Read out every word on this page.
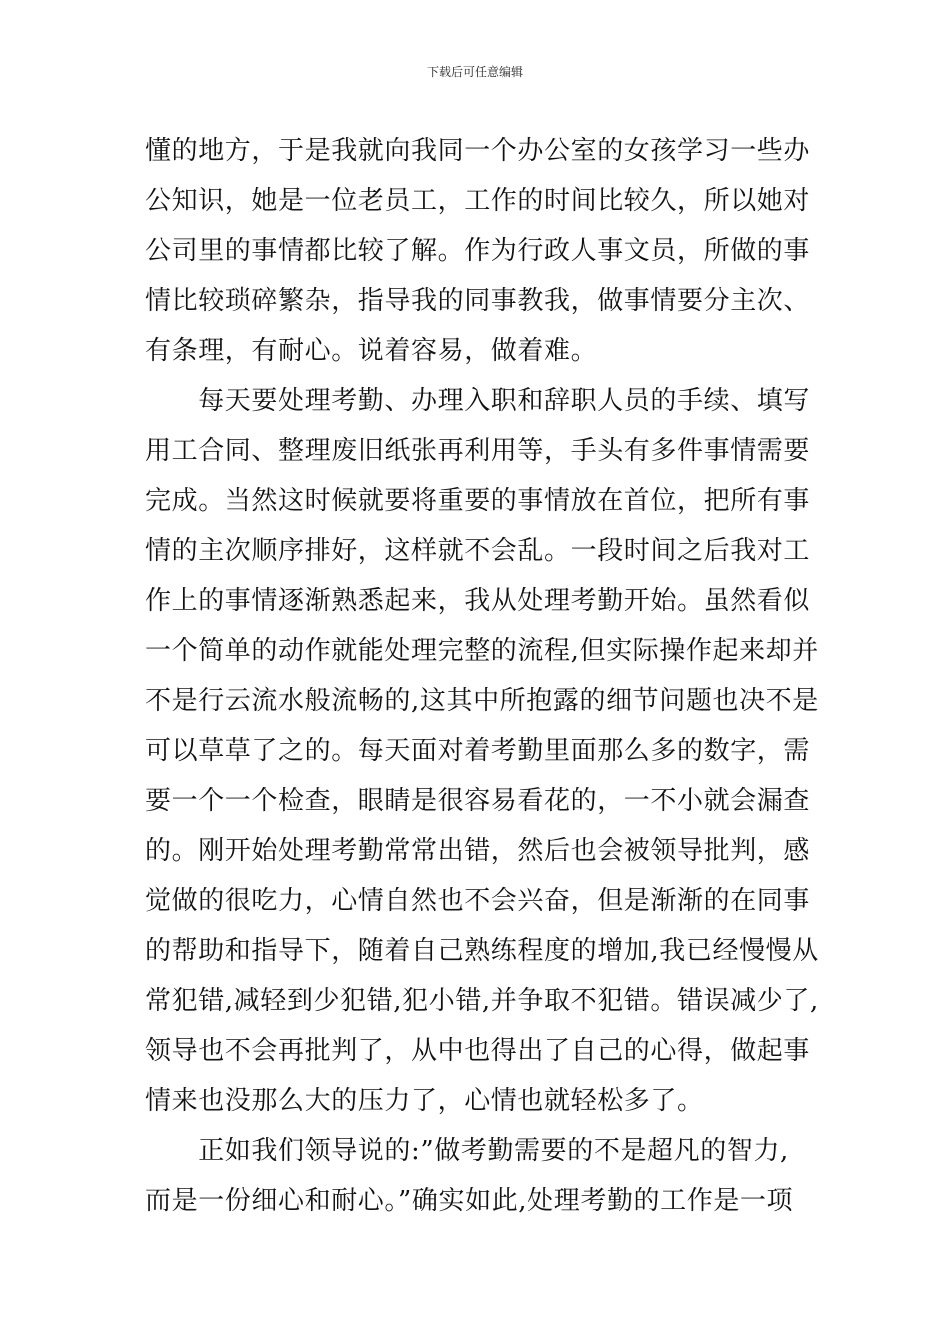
下载后可任意编辑
懂的地方，于是我就向我同一个办公室的女孩学习一些办
公知识，她是一位老员工，工作的时间比较久，所以她对
公司里的事情都比较了解。作为行政人事文员，所做的事
情比较琐碎繁杂，指导我的同事教我，做事情要分主次、
有条理，有耐心。说着容易，做着难。
　　每天要处理考勤、办理入职和辞职人员的手续、填写
用工合同、整理废旧纸张再利用等，手头有多件事情需要
完成。当然这时候就要将重要的事情放在首位，把所有事
情的主次顺序排好，这样就不会乱。一段时间之后我对工
作上的事情逐渐熟悉起来，我从处理考勤开始。虽然看似
一个简单的动作就能处理完整的流程,但实际操作起来却并
不是行云流水般流畅的,这其中所抱露的细节问题也决不是
可以草草了之的。每天面对着考勤里面那么多的数字，需
要一个一个检查，眼睛是很容易看花的，一不小就会漏查
的。刚开始处理考勤常常出错，然后也会被领导批判，感
觉做的很吃力，心情自然也不会兴奋，但是渐渐的在同事
的帮助和指导下，随着自己熟练程度的增加,我已经慢慢从
常犯错,减轻到少犯错,犯小错,并争取不犯错。错误减少了,
领导也不会再批判了，从中也得出了自己的心得，做起事
情来也没那么大的压力了，心情也就轻松多了。
　　正如我们领导说的:”做考勤需要的不是超凡的智力,
而是一份细心和耐心。”确实如此,处理考勤的工作是一项
